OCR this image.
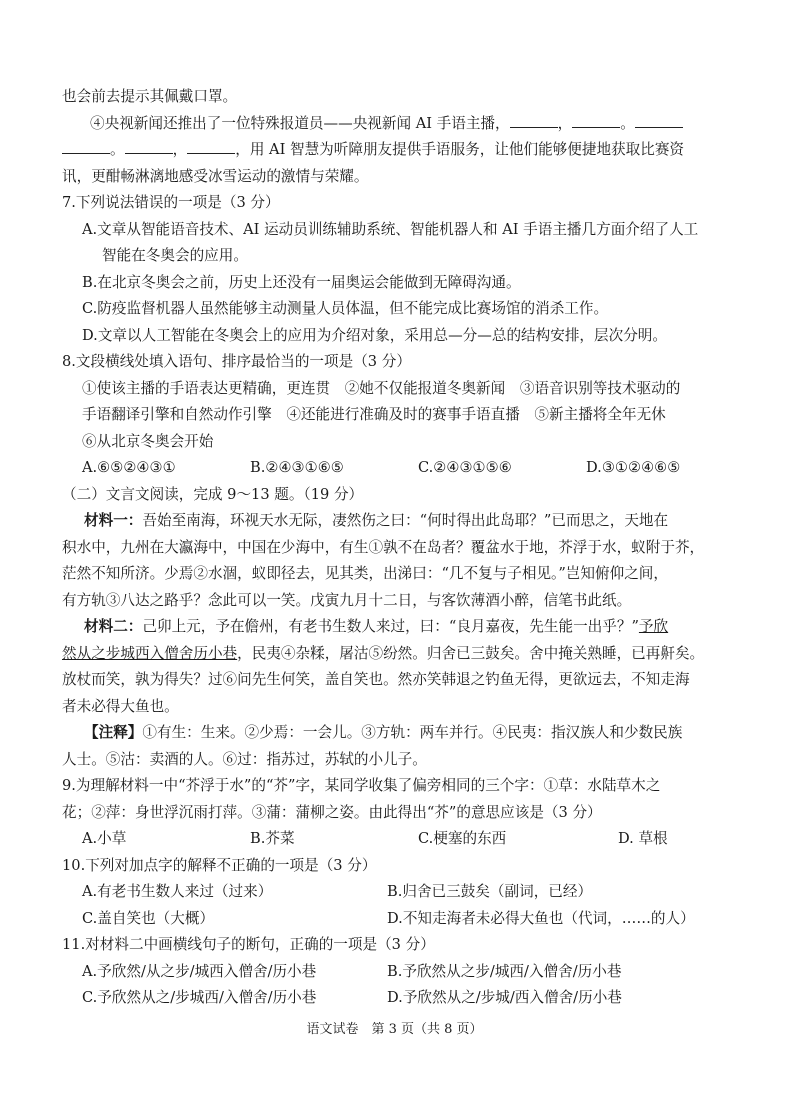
也会前去提示其佩戴口罩。
④央视新闻还推出了一位特殊报道员——央视新闻 AI 手语主播，	，	。
。	，	，用 AI 智慧为听障朋友提供手语服务，让他们能够便捷地获取比赛资
讯，更酣畅淋漓地感受冰雪运动的激情与荣耀。
7.下列说法错误的一项是（3 分）
A.文章从智能语音技术、AI 运动员训练辅助系统、智能机器人和 AI 手语主播几方面介绍了人工
智能在冬奥会的应用。
B.在北京冬奥会之前，历史上还没有一届奥运会能做到无障碍沟通。
C.防疫监督机器人虽然能够主动测量人员体温，但不能完成比赛场馆的消杀工作。
D.文章以人工智能在冬奥会上的应用为介绍对象，采用总—分—总的结构安排，层次分明。
8.文段横线处填入语句、排序最恰当的一项是（3 分）
①使该主播的手语表达更精确，更连贯　②她不仅能报道冬奥新闻　③语音识别等技术驱动的
手语翻译引擎和自然动作引擎　④还能进行准确及时的赛事手语直播　⑤新主播将全年无休
⑥从北京冬奥会开始
A.⑥⑤②④③①	B.②④③①⑥⑤	C.②④③①⑤⑥	D.③①②④⑥⑤
（二）文言文阅读，完成 9～13 题。（19 分）
材料一：吾始至南海，环视天水无际，凄然伤之曰：“何时得出此岛耶？”已而思之，天地在
积水中，九州在大瀛海中，中国在少海中，有生①孰不在岛者？覆盆水于地，芥浮于水，蚁附于芥，
茫然不知所济。少焉②水涸，蚁即径去，见其类，出涕曰：“几不复与子相见。”岂知俯仰之间，
有方轨③八达之路乎？念此可以一笑。戊寅九月十二日，与客饮薄酒小醉，信笔书此纸。
材料二：己卯上元，予在儋州，有老书生数人来过，曰：“良月嘉夜，先生能一出乎？”予欣
然从之步城西入僧舍历小巷，民夷④杂糅，屠沽⑤纷然。归舍已三鼓矣。舍中掩关熟睡，已再鼾矣。
放杖而笑，孰为得失？过⑥问先生何笑，盖自笑也。然亦笑韩退之钓鱼无得，更欲远去，不知走海
者未必得大鱼也。
【注释】①有生：生来。②少焉：一会儿。③方轨：两车并行。④民夷：指汉族人和少数民族
人士。⑤沽：卖酒的人。⑥过：指苏过，苏轼的小儿子。
9.为理解材料一中“芥浮于水”的“芥”字，某同学收集了偏旁相同的三个字：①草：水陆草木之
花；②萍：身世浮沉雨打萍。③蒲：蒲柳之姿。由此得出“芥”的意思应该是（3 分）
A.小草	B.芥菜	C.梗塞的东西	D. 草根
10.下列对加点字的解释不正确的一项是（3 分）
A.有老书生数人来过（过来）	B.归舍已三鼓矣（副词，已经）
C.盖自笑也（大概）	D.不知走海者未必得大鱼也（代词，……的人）
11.对材料二中画横线句子的断句，正确的一项是（3 分）
A.予欣然/从之步/城西入僧舍/历小巷	B.予欣然从之步/城西/入僧舍/历小巷
C.予欣然从之/步城西/入僧舍/历小巷	D.予欣然从之/步城/西入僧舍/历小巷
语文试卷　第 3 页（共 8 页）
